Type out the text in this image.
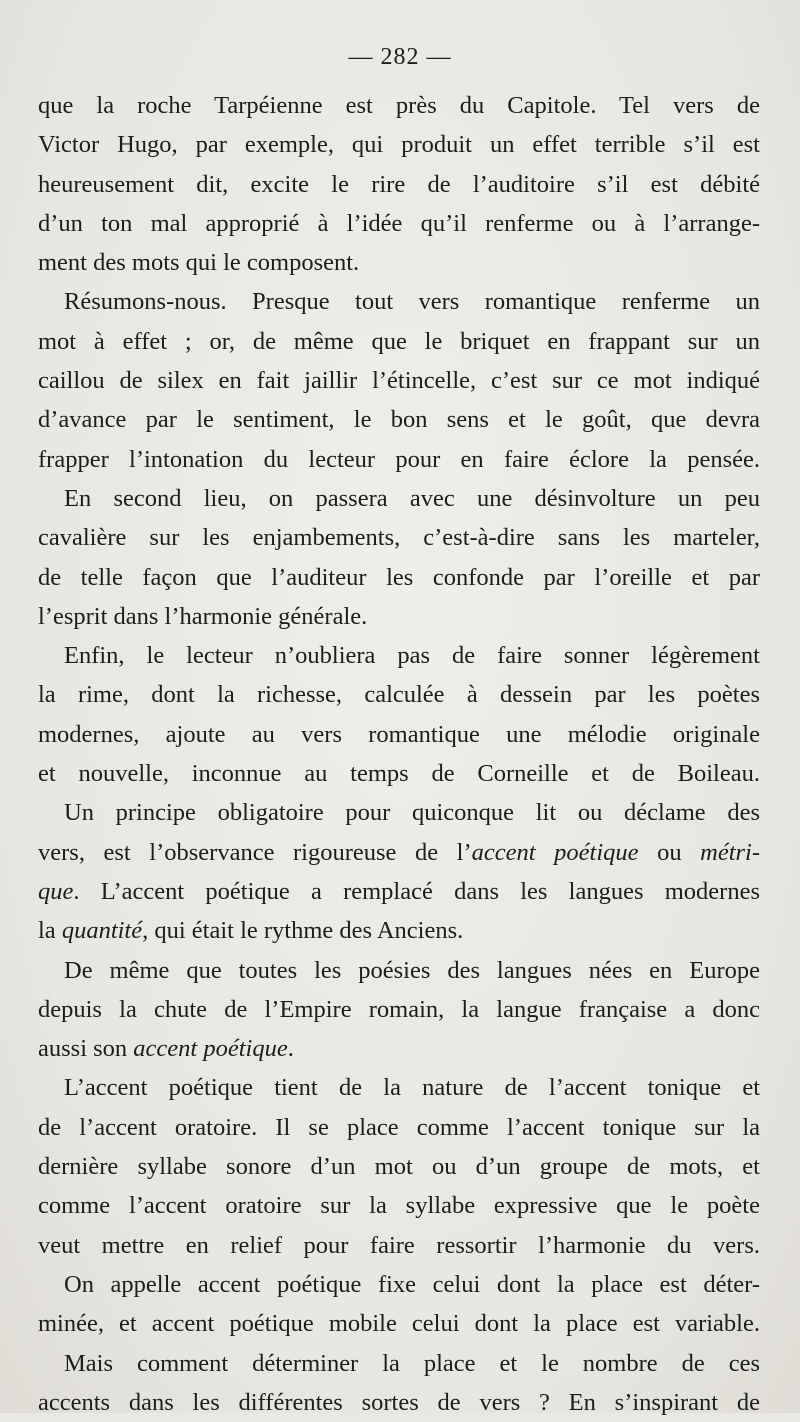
— 282 —
que la roche Tarpéienne est près du Capitole. Tel vers de
Victor Hugo, par exemple, qui produit un effet terrible s’il est
heureusement dit, excite le rire de l’auditoire s’il est débité
d’un ton mal approprié à l’idée qu’il renferme ou à l’arrange-
ment des mots qui le composent.
Résumons-nous. Presque tout vers romantique renferme un
mot à effet ; or, de même que le briquet en frappant sur un
caillou de silex en fait jaillir l’étincelle, c’est sur ce mot indiqué
d’avance par le sentiment, le bon sens et le goût, que devra
frapper l’intonation du lecteur pour en faire éclore la pensée.
En second lieu, on passera avec une désinvolture un peu
cavalière sur les enjambements, c’est-à-dire sans les marteler,
de telle façon que l’auditeur les confonde par l’oreille et par
l’esprit dans l’harmonie générale.
Enfin, le lecteur n’oubliera pas de faire sonner légèrement
la rime, dont la richesse, calculée à dessein par les poètes
modernes, ajoute au vers romantique une mélodie originale
et nouvelle, inconnue au temps de Corneille et de Boileau.
Un principe obligatoire pour quiconque lit ou déclame des
vers, est l’observance rigoureuse de l’accent poétique ou métri-
que. L’accent poétique a remplacé dans les langues modernes
la quantité, qui était le rythme des Anciens.
De même que toutes les poésies des langues nées en Europe
depuis la chute de l’Empire romain, la langue française a donc
aussi son accent poétique.
L’accent poétique tient de la nature de l’accent tonique et
de l’accent oratoire. Il se place comme l’accent tonique sur la
dernière syllabe sonore d’un mot ou d’un groupe de mots, et
comme l’accent oratoire sur la syllabe expressive que le poète
veut mettre en relief pour faire ressortir l’harmonie du vers.
On appelle accent poétique fixe celui dont la place est déter-
minée, et accent poétique mobile celui dont la place est variable.
Mais comment déterminer la place et le nombre de ces
accents dans les différentes sortes de vers ? En s’inspirant de
